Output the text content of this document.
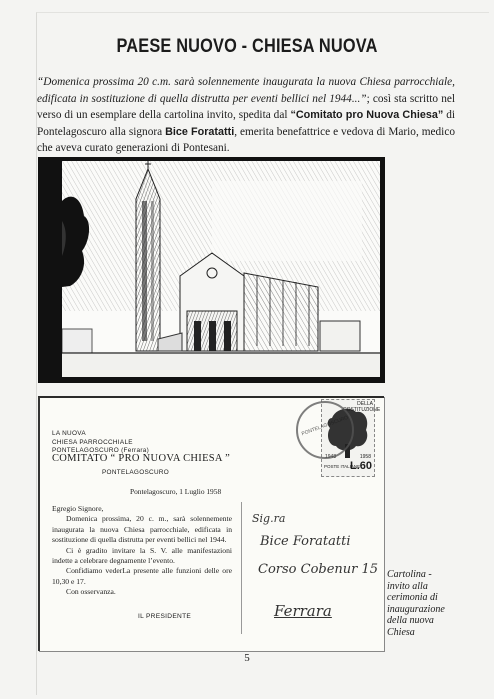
PAESE NUOVO - CHIESA NUOVA

“Domenica prossima 20 c.m. sarà solennemente inaugurata la nuova Chiesa parrocchiale, edificata in sostituzione di quella distrutta per eventi bellici nel 1944...”; così sta scritto nel verso di un esemplare della cartolina invito, spedita dal “Comitato pro Nuova Chiesa” di Pontelagoscuro alla signora Bice Foratatti, emerita benefattrice e vedova di Mario, medico che aveva curato generazioni di Pontesani.

LA NUOVA
CHIESA PARROCCHIALE
PONTELAGOSCURO (Ferrara)
COMITATO “ PRO NUOVA CHIESA ”
PONTELAGOSCURO
Pontelagoscuro, 1 Luglio 1958
Egregio Signore,
Domenica prossima, 20 c. m., sarà solennemente inaugurata la nuova Chiesa parrocchiale, edificata in sostituzione di quella distrutta per eventi bellici nel 1944.
Ci è gradito invitare la S. V. alle manifestazioni indette a celebrare degnamente l’evento.
Confidiamo vederLa presente alle funzioni delle ore 10,30 e 17.
Con osservanza.
IL PRESIDENTE
DELLA COSTITUZIONE
1948	1958
POSTE ITALIANE
L.60
PONTELAGOSCURO
Sig.ra
Bice Foratatti
Corso Cobenur 15
Ferrara
Cartolina - invito alla cerimonia di inaugurazione della nuova Chiesa
5
